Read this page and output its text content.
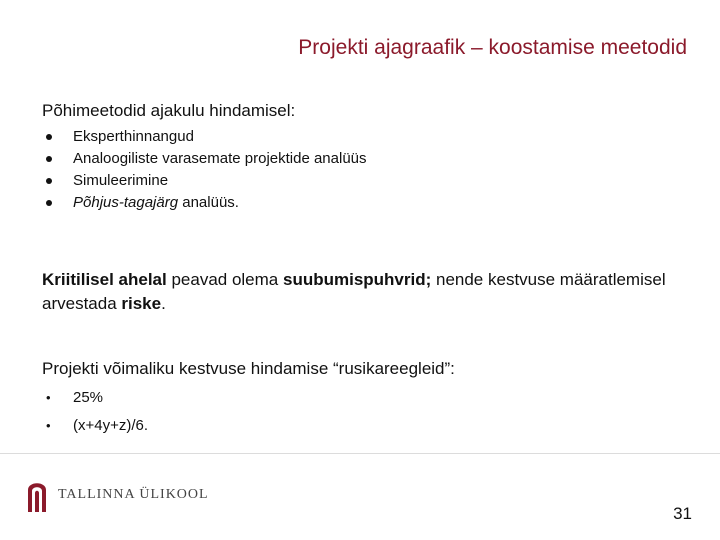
Projekti ajagraafik – koostamise meetodid
Põhimeetodid ajakulu hindamisel:
Eksperthinnangud
Analoogiliste varasemate projektide analüüs
Simuleerimine
Põhjus-tagajärg analüüs.
Kriitilisel ahelal peavad olema suubumispuhvrid; nende kestvuse määratlemisel arvestada riske.
Projekti võimaliku kestvuse hindamise “rusikareegleid”:
• 25%
• (x+4y+z)/6.
TALLINNA ÜLIKOOL
31
